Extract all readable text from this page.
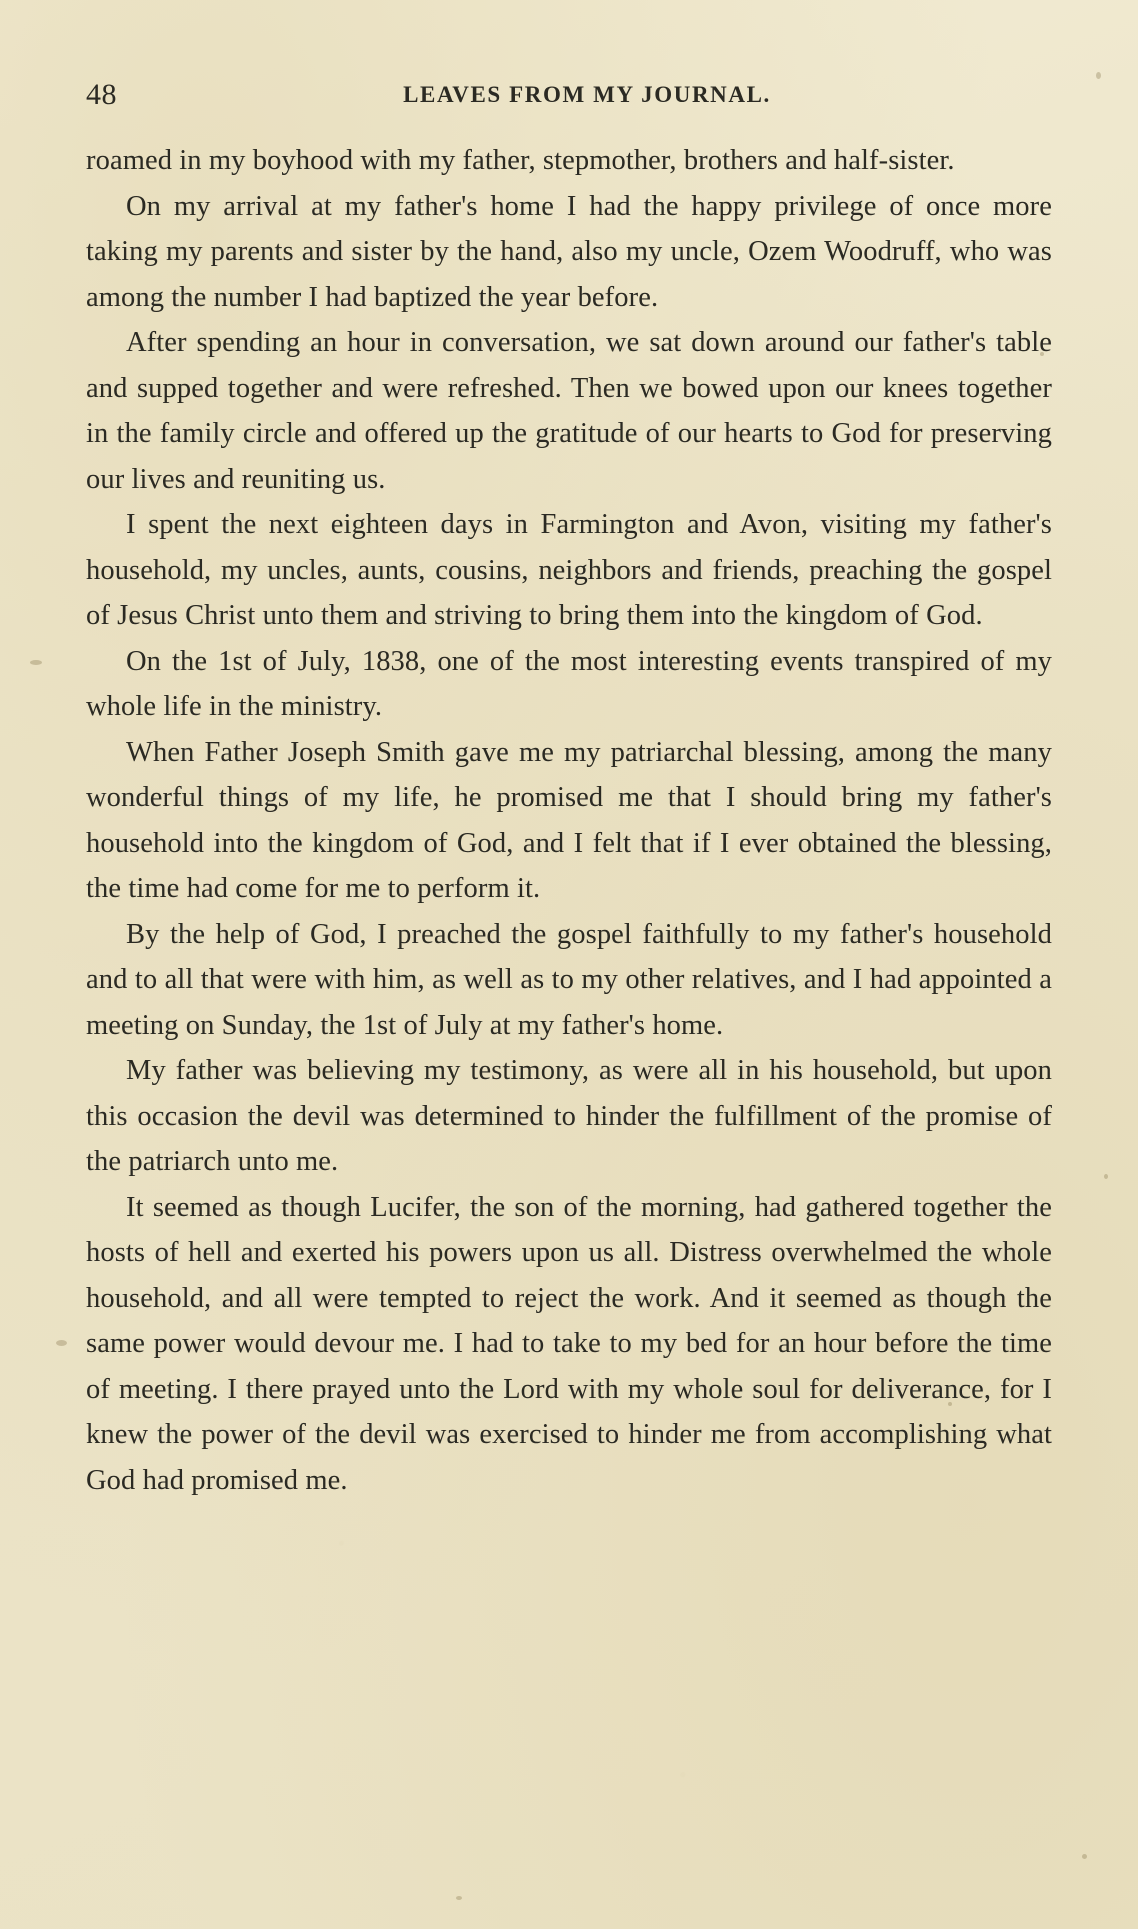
48	LEAVES FROM MY JOURNAL.

roamed in my boyhood with my father, stepmother, brothers and half-sister.

On my arrival at my father's home I had the happy privilege of once more taking my parents and sister by the hand, also my uncle, Ozem Woodruff, who was among the number I had baptized the year before.

After spending an hour in conversation, we sat down around our father's table and supped together and were refreshed. Then we bowed upon our knees together in the family circle and offered up the gratitude of our hearts to God for preserving our lives and reuniting us.

I spent the next eighteen days in Farmington and Avon, visiting my father's household, my uncles, aunts, cousins, neighbors and friends, preaching the gospel of Jesus Christ unto them and striving to bring them into the kingdom of God.

On the 1st of July, 1838, one of the most interesting events transpired of my whole life in the ministry.

When Father Joseph Smith gave me my patriarchal blessing, among the many wonderful things of my life, he promised me that I should bring my father's household into the kingdom of God, and I felt that if I ever obtained the blessing, the time had come for me to perform it.

By the help of God, I preached the gospel faithfully to my father's household and to all that were with him, as well as to my other relatives, and I had appointed a meeting on Sunday, the 1st of July at my father's home.

My father was believing my testimony, as were all in his household, but upon this occasion the devil was determined to hinder the fulfillment of the promise of the patriarch unto me.

It seemed as though Lucifer, the son of the morning, had gathered together the hosts of hell and exerted his powers upon us all. Distress overwhelmed the whole household, and all were tempted to reject the work. And it seemed as though the same power would devour me. I had to take to my bed for an hour before the time of meeting. I there prayed unto the Lord with my whole soul for deliverance, for I knew the power of the devil was exercised to hinder me from accomplishing what God had promised me.
